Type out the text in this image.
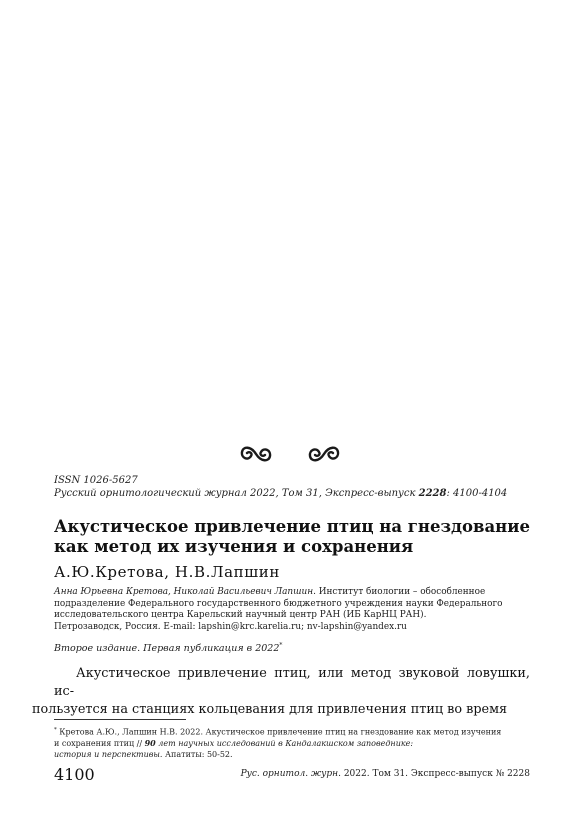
ISSN 1026-5627
Русский орнитологический журнал 2022, Том 31, Экспресс-выпуск 2228: 4100-4104
Акустическое привлечение птиц на гнездование
как метод их изучения и сохранения
А.Ю.Кретова, Н.В.Лапшин
Анна Юрьевна Кретова, Николай Васильевич Лапшин. Институт биологии – обособленное
подразделение Федерального государственного бюджетного учреждения науки Федерального
исследовательского центра Карельский научный центр РАН (ИБ КарНЦ РАН).
Петрозаводск, Россия. E-mail: lapshin@krc.karelia.ru; nv-lapshin@yandex.ru
Второе издание. Первая публикация в 2022*

Акустическое привлечение птиц, или метод звуковой ловушки, ис-
пользуется на станциях кольцевания для привлечения птиц во время

* Кретова А.Ю., Лапшин Н.В. 2022. Акустическое привлечение птиц на гнездование как метод изучения
и сохранения птиц // 90 лет научных исследований в Кандалакшском заповеднике:
история и перспективы. Апатиты: 50-52.
4100	Рус. орнитол. журн. 2022. Том 31. Экспресс-выпуск № 2228
